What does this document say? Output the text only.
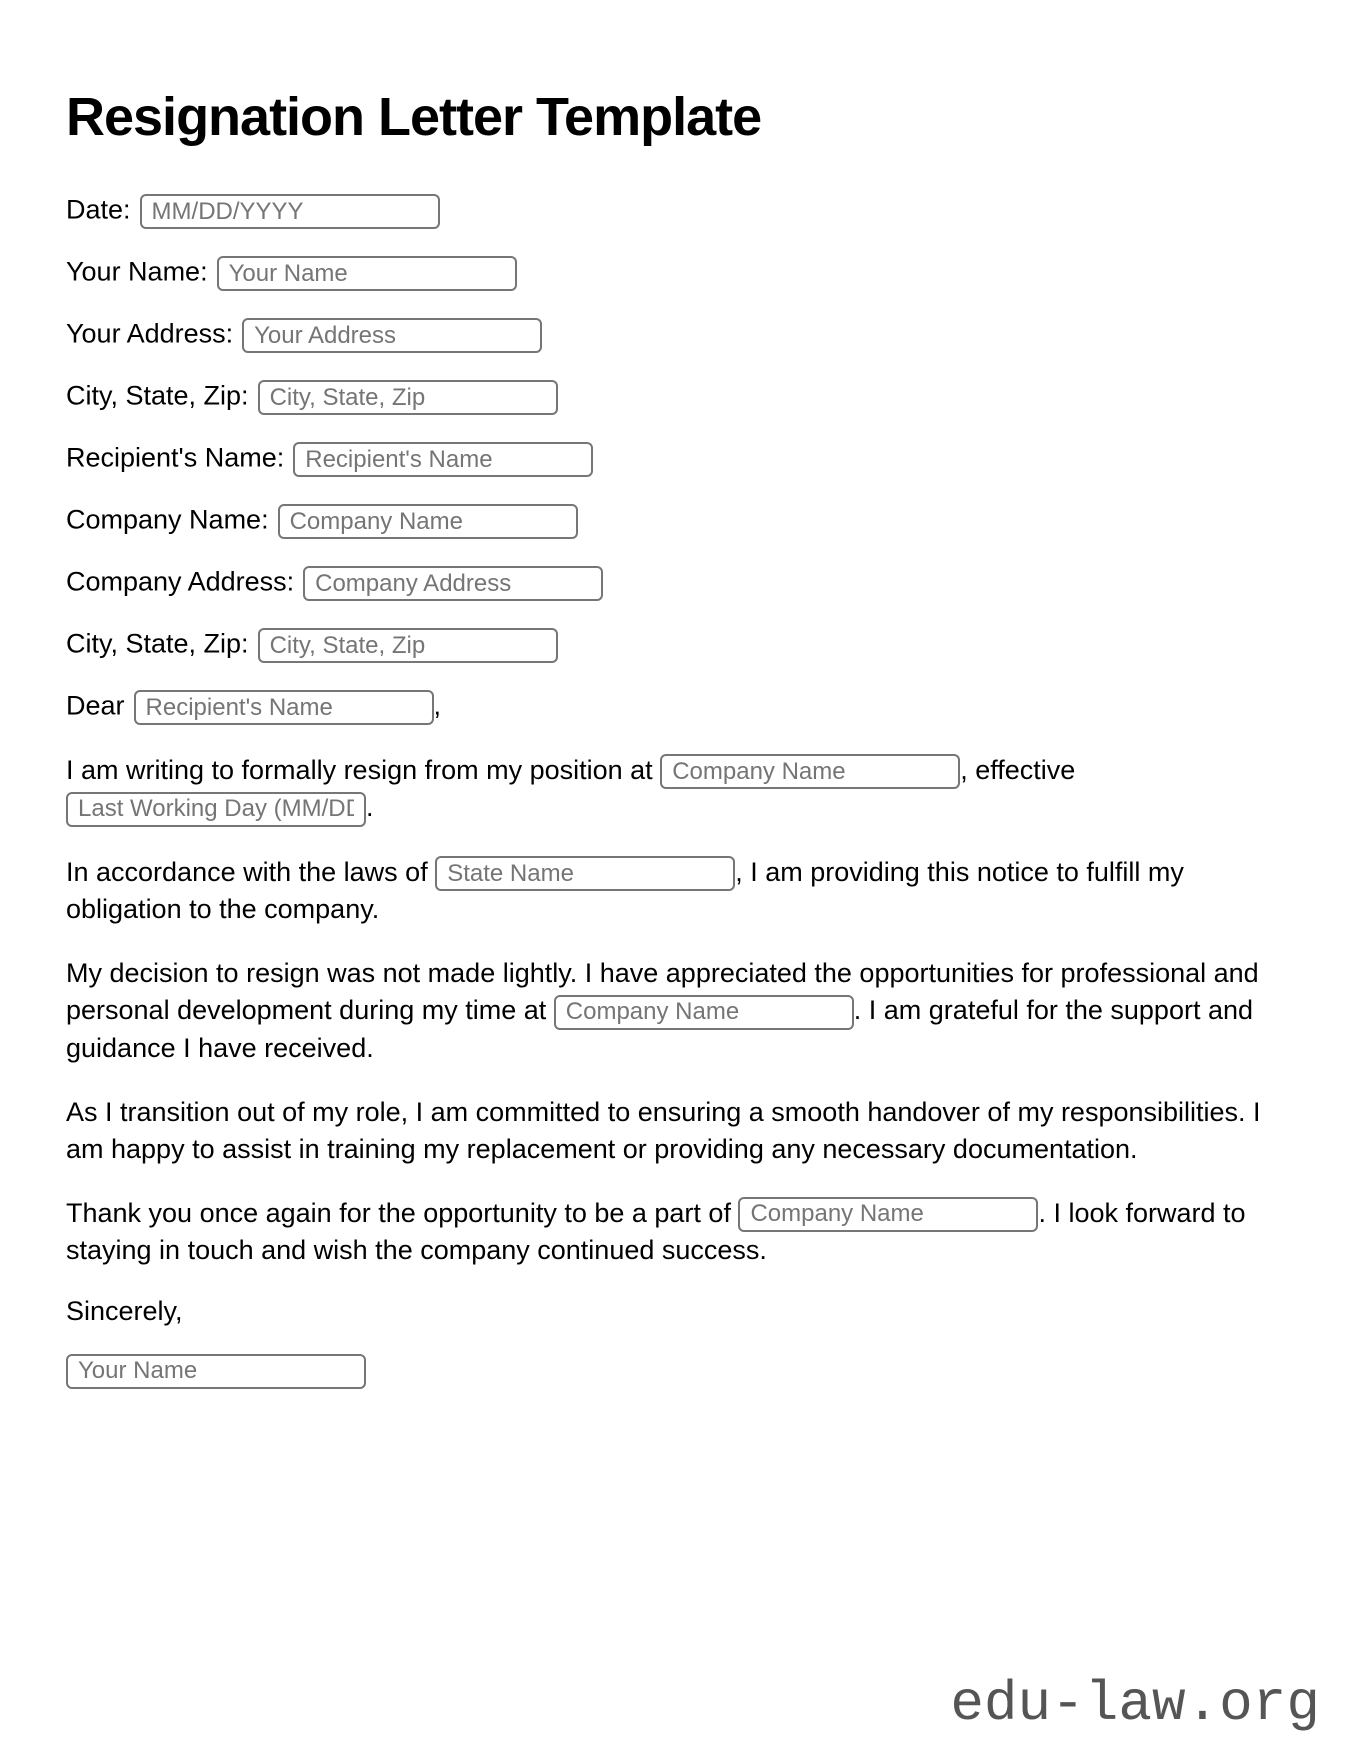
Resignation Letter Template
Date:MM/DD/YYYY
Your Name:Your Name
Your Address:Your Address
City, State, Zip:City, State, Zip
Recipient's Name:Recipient's Name
Company Name:Company Name
Company Address:Company Address
City, State, Zip:City, State, Zip
DearRecipient's Name	,

I am writing to formally resign from my position at Company Name	, effective Last Working Day (MM/DD/YYYY).

In accordance with the laws of State Name	, I am providing this notice to fulfill my obligation to the company.

My decision to resign was not made lightly. I have appreciated the opportunities for professional and personal development during my time at Company Name	. I am grateful for the support and guidance I have received.

As I transition out of my role, I am committed to ensuring a smooth handover of my responsibilities. I am happy to assist in training my replacement or providing any necessary documentation.

Thank you once again for the opportunity to be a part of Company Name	. I look forward to staying in touch and wish the company continued success.

Sincerely,

Your Name
edu-law.org
